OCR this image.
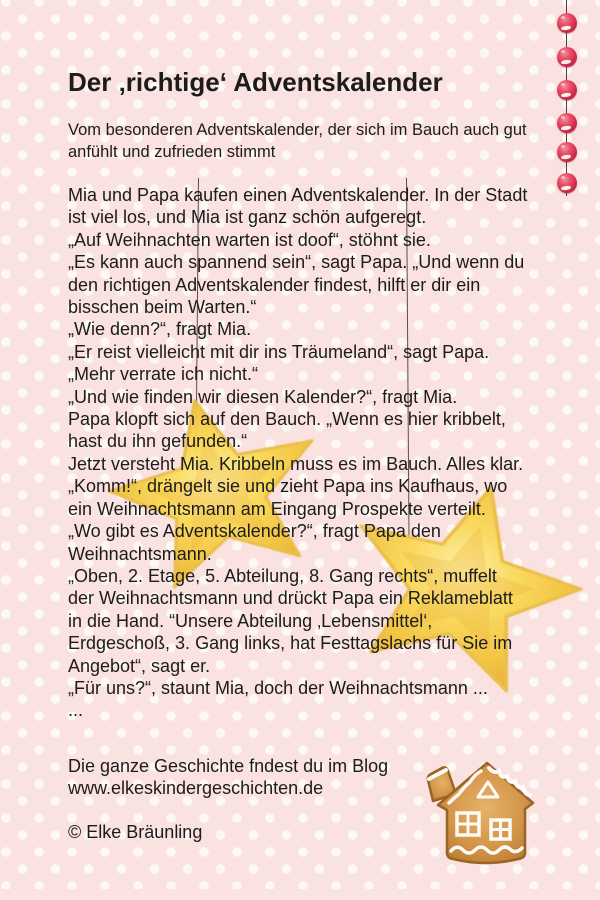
Der ‚richtige‘ Adventskalender
Vom besonderen Adventskalender, der sich im Bauch auch gut
anfühlt und zufrieden stimmt
Mia und Papa kaufen einen Adventskalender. In der Stadt
ist viel los, und Mia ist ganz schön aufgeregt.
„Auf Weihnachten warten ist doof“, stöhnt sie.
„Es kann auch spannend sein“, sagt Papa. „Und wenn du
den richtigen Adventskalender findest, hilft er dir ein
bisschen beim Warten.“
„Wie denn?“, fragt Mia.
„Er reist vielleicht mit dir ins Träumeland“, sagt Papa.
„Mehr verrate ich nicht.“
„Und wie finden wir diesen Kalender?“, fragt Mia.
Papa klopft sich auf den Bauch. „Wenn es hier kribbelt,
hast du ihn gefunden.“
Jetzt versteht Mia. Kribbeln muss es im Bauch. Alles klar.
„Komm!“, drängelt sie und zieht Papa ins Kaufhaus, wo
ein Weihnachtsmann am Eingang Prospekte verteilt.
„Wo gibt es Adventskalender?“, fragt Papa den
Weihnachtsmann.
„Oben, 2. Etage, 5. Abteilung, 8. Gang rechts“, muffelt
der Weihnachtsmann und drückt Papa ein Reklameblatt
in die Hand. “Unsere Abteilung ‚Lebensmittel‘,
Erdgeschoß, 3. Gang links, hat Festtagslachs für Sie im
Angebot“, sagt er.
„Für uns?“, staunt Mia, doch der Weihnachtsmann ...
...
Die ganze Geschichte fndest du im Blog
www.elkeskindergeschichten.de
© Elke Bräunling
